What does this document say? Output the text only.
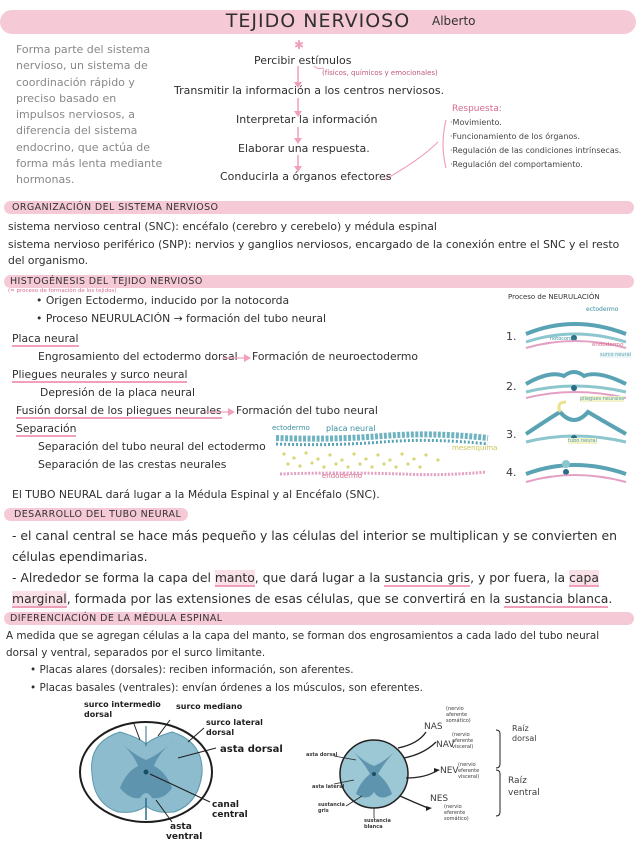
TEJIDO NERVIOSO	Alberto
Forma parte del sistema nervioso, un sistema de coordinación rápido y preciso basado en impulsos nerviosos, a diferencia del sistema endocrino, que actúa de forma más lenta mediante hormonas.
✱
Percibir estímulos
(físicos, químicos y emocionales)
Transmitir la información a los centros nerviosos.
Interpretar la información
Elaborar una respuesta.
Conducirla a órganos efectores
Respuesta:
·Movimiento.
·Funcionamiento de los órganos.
·Regulación de las condiciones intrínsecas.
·Regulación del comportamiento.
ORGANIZACIÓN DEL SISTEMA NERVIOSO
sistema nervioso central (SNC): encéfalo (cerebro y cerebelo) y médula espinal
sistema nervioso periférico (SNP): nervios y ganglios nerviosos, encargado de la conexión entre el SNC y el resto
del organismo.
HISTOGÉNESIS DEL TEJIDO NERVIOSO
(= proceso de formación de los tejidos)
• Origen Ectodermo, inducido por la notocorda
• Proceso NEURULACIÓN → formación del tubo neural
Placa neural
Engrosamiento del ectodermo dorsal Formación de neuroectodermo
Pliegues neurales y surco neural
Depresión de la placa neural
Fusión dorsal de los pliegues neurales Formación del tubo neural
Separación
Separación del tubo neural del ectodermo
Separación de las crestas neurales
ectodermo placa neural
mesenquima
endodermo
Proceso de NEURULACIÓN
1.
2.
3.
4.
ectodermo
notocorda
endodermo
surco neural
pliegues neurales
tubo neural
El TUBO NEURAL dará lugar a la Médula Espinal y al Encéfalo (SNC).
DESARROLLO DEL TUBO NEURAL
- el canal central se hace más pequeño y las células del interior se multiplican y se convierten en
células ependimarias.
- Alrededor se forma la capa del manto, que dará lugar a la sustancia gris, y por fuera, la capa
marginal, formada por las extensiones de esas células, que se convertirá en la sustancia blanca.
DIFERENCIACIÓN DE LA MÉDULA ESPINAL
A medida que se agregan células a la capa del manto, se forman dos engrosamientos a cada lado del tubo neural
dorsal y ventral, separados por el surco limitante.
• Placas alares (dorsales): reciben información, son aferentes.
• Placas basales (ventrales): envían órdenes a los músculos, son eferentes.
surco intermedio
dorsal
surco mediano
surco lateral
dorsal
asta dorsal
canal
central
asta
ventral
asta dorsal
asta lateral
sustancia gris
sustancia blanca
NAS
(nervio aferente somático)
NAV
(nervio aferente visceral)
NEV
(nervio eferente visceral)
NES
(nervio eferente somático)
Raíz
dorsal
Raíz
ventral
